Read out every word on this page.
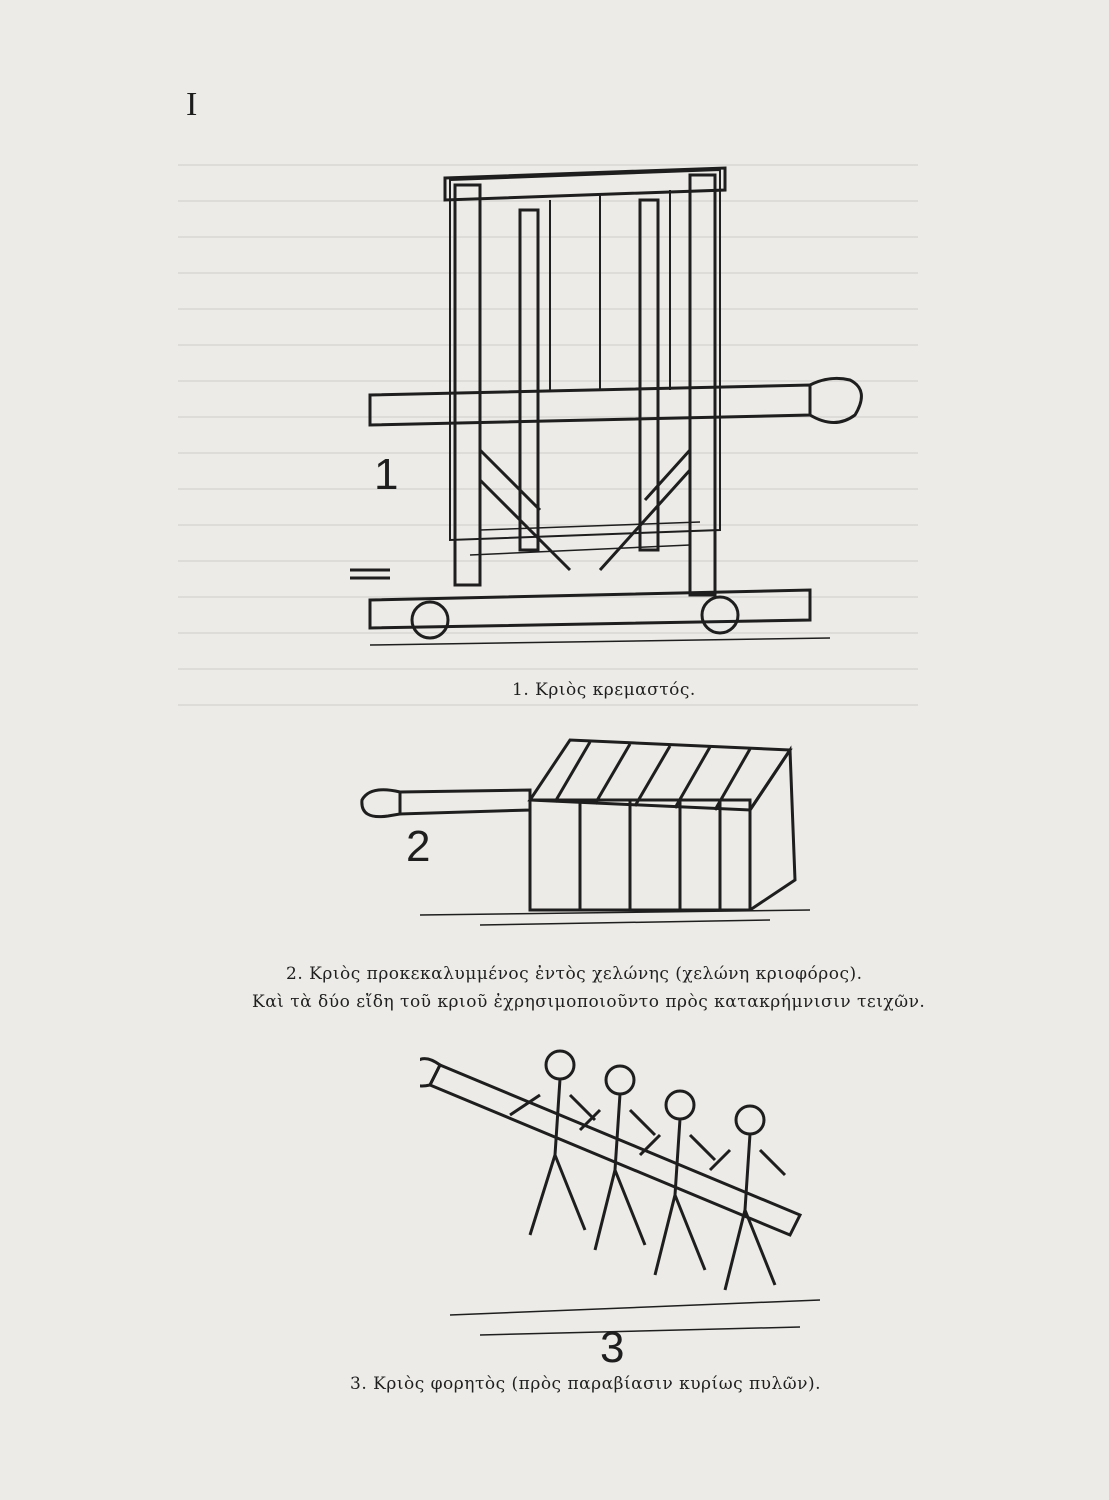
I
1
1. Κριὸς κρεμαστός.
2
2. Κριὸς προκεκαλυμμένος ἐντὸς χελώνης (χελώνη κριοφόρος).
Καὶ τὰ δύο εἴδη τοῦ κριοῦ ἐχρησιμοποιοῦντο πρὸς κατακρήμνισιν τειχῶν.
3
3. Κριὸς φορητὸς (πρὸς παραβίασιν κυρίως πυλῶν).
